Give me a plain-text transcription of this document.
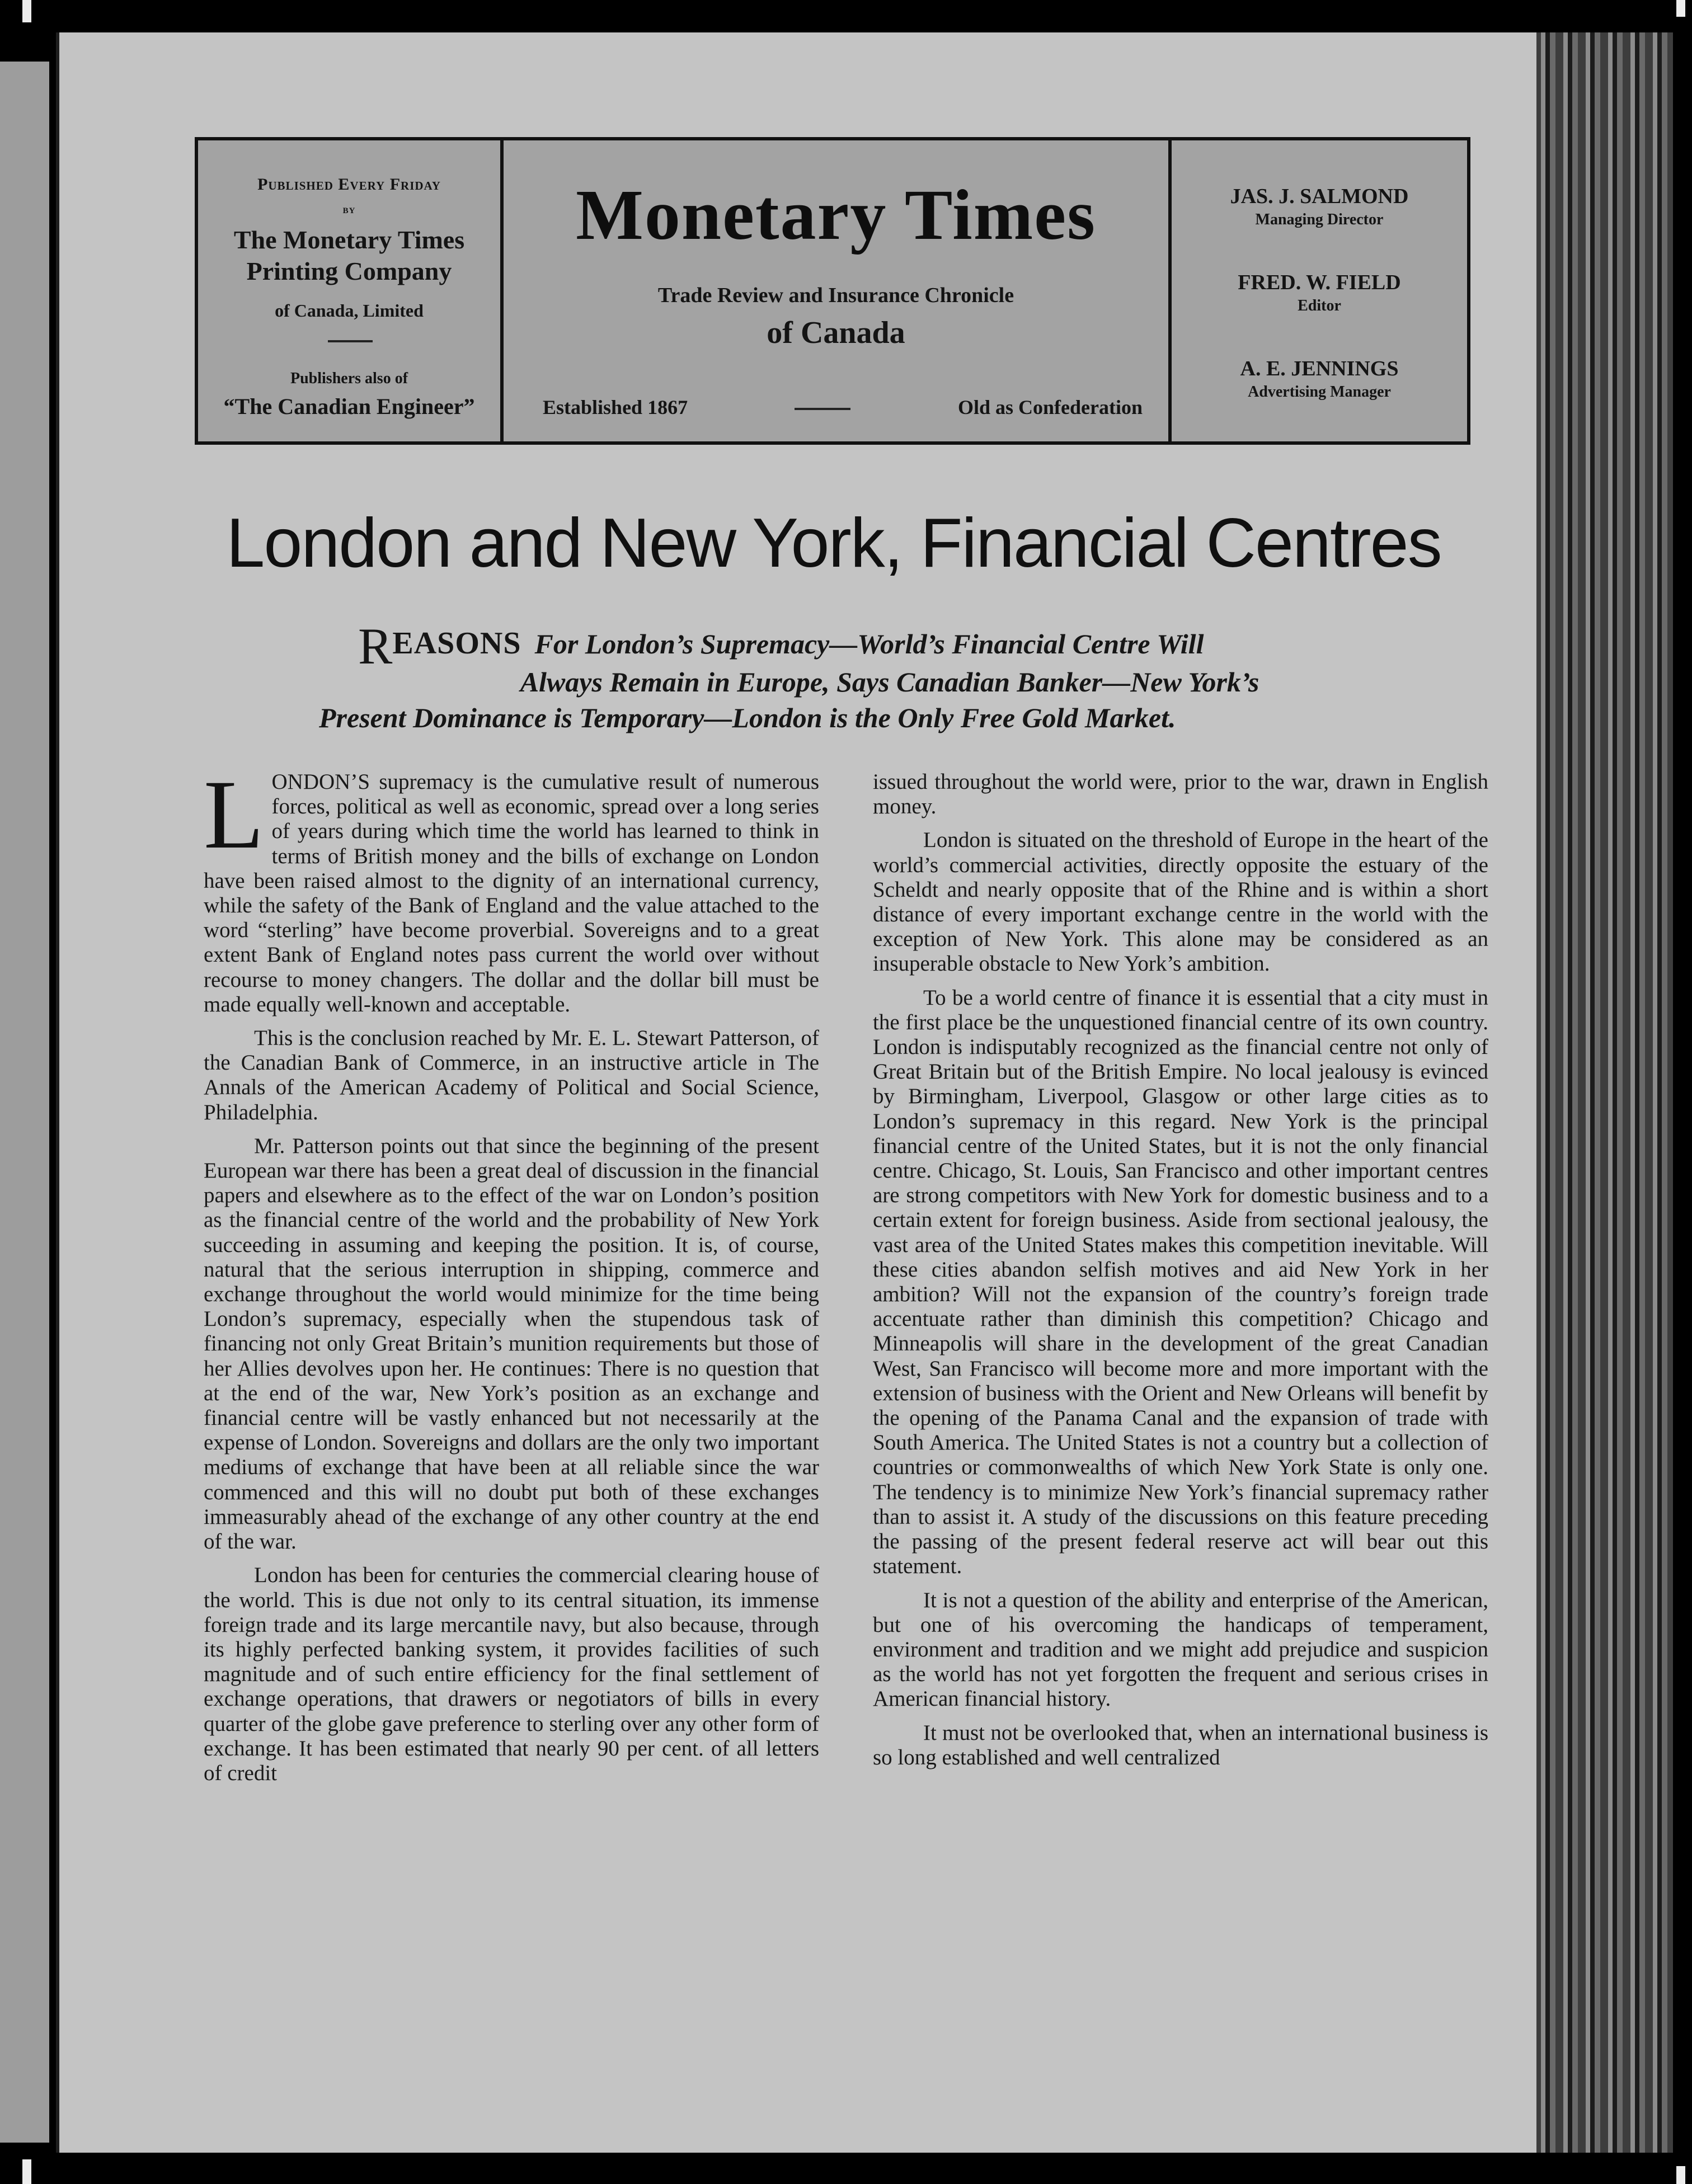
Published Every Friday
by
The Monetary Times
Printing Company
of Canada, Limited
Publishers also of
“The Canadian Engineer”
Monetary Times
Trade Review and Insurance Chronicle
of Canada
Established 1867	Old as Confederation
JAS. J. SALMOND
Managing Director
FRED. W. FIELD
Editor
A. E. JENNINGS
Advertising Manager
London and New York, Financial Centres
REASONS For London’s Supremacy—World’s Financial Centre Will
Always Remain in Europe, Says Canadian Banker—New York’s
Present Dominance is Temporary—London is the Only Free Gold Market.

LONDON’S supremacy is the cumulative result of numerous forces, political as well as economic, spread over a long series of years during which time the world has learned to think in terms of British money and the bills of exchange on London have been raised almost to the dignity of an international currency, while the safety of the Bank of England and the value attached to the word “sterling” have become proverbial. Sovereigns and to a great extent Bank of England notes pass current the world over without recourse to money changers. The dollar and the dollar bill must be made equally well-known and acceptable.

This is the conclusion reached by Mr. E. L. Stewart Patterson, of the Canadian Bank of Commerce, in an instructive article in The Annals of the American Academy of Political and Social Science, Philadelphia.

Mr. Patterson points out that since the beginning of the present European war there has been a great deal of discussion in the financial papers and elsewhere as to the effect of the war on London’s position as the financial centre of the world and the probability of New York succeeding in assuming and keeping the position. It is, of course, natural that the serious interruption in shipping, commerce and exchange throughout the world would minimize for the time being London’s supremacy, especially when the stupendous task of financing not only Great Britain’s munition requirements but those of her Allies devolves upon her. He continues: There is no question that at the end of the war, New York’s position as an exchange and financial centre will be vastly enhanced but not necessarily at the expense of London. Sovereigns and dollars are the only two important mediums of exchange that have been at all reliable since the war commenced and this will no doubt put both of these exchanges immeasurably ahead of the exchange of any other country at the end of the war.

London has been for centuries the commercial clearing house of the world. This is due not only to its central situation, its immense foreign trade and its large mercantile navy, but also because, through its highly perfected banking system, it provides facilities of such magnitude and of such entire efficiency for the final settlement of exchange operations, that drawers or negotiators of bills in every quarter of the globe gave preference to sterling over any other form of exchange. It has been estimated that nearly 90 per cent. of all letters of credit

issued throughout the world were, prior to the war, drawn in English money.

London is situated on the threshold of Europe in the heart of the world’s commercial activities, directly opposite the estuary of the Scheldt and nearly opposite that of the Rhine and is within a short distance of every important exchange centre in the world with the exception of New York. This alone may be considered as an insuperable obstacle to New York’s ambition.

To be a world centre of finance it is essential that a city must in the first place be the unquestioned financial centre of its own country. London is indisputably recognized as the financial centre not only of Great Britain but of the British Empire. No local jealousy is evinced by Birmingham, Liverpool, Glasgow or other large cities as to London’s supremacy in this regard. New York is the principal financial centre of the United States, but it is not the only financial centre. Chicago, St. Louis, San Francisco and other important centres are strong competitors with New York for domestic business and to a certain extent for foreign business. Aside from sectional jealousy, the vast area of the United States makes this competition inevitable. Will these cities abandon selfish motives and aid New York in her ambition? Will not the expansion of the country’s foreign trade accentuate rather than diminish this competition? Chicago and Minneapolis will share in the development of the great Canadian West, San Francisco will become more and more important with the extension of business with the Orient and New Orleans will benefit by the opening of the Panama Canal and the expansion of trade with South America. The United States is not a country but a collection of countries or commonwealths of which New York State is only one. The tendency is to minimize New York’s financial supremacy rather than to assist it. A study of the discussions on this feature preceding the passing of the present federal reserve act will bear out this statement.

It is not a question of the ability and enterprise of the American, but one of his overcoming the handicaps of temperament, environment and tradition and we might add prejudice and suspicion as the world has not yet forgotten the frequent and serious crises in American financial history.

It must not be overlooked that, when an international business is so long established and well centralized
